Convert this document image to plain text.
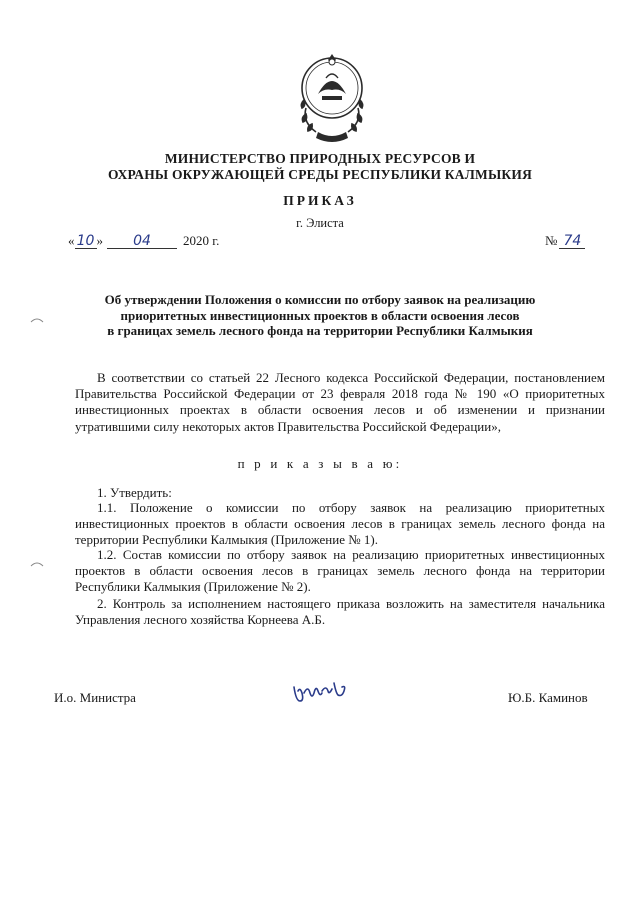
МИНИСТЕРСТВО ПРИРОДНЫХ РЕСУРСОВ И
ОХРАНЫ ОКРУЖАЮЩЕЙ СРЕДЫ РЕСПУБЛИКИ КАЛМЫКИЯ
ПРИКАЗ
г. Элиста
« 10 » 04 2020 г.	№ 74
Об утверждении Положения о комиссии по отбору заявок на реализацию
приоритетных инвестиционных проектов в области освоения лесов
в границах земель лесного фонда на территории Республики Калмыкия
В соответствии со статьей 22 Лесного кодекса Российской Федерации, постановлением Правительства Российской Федерации от 23 февраля 2018 года № 190 «О приоритетных инвестиционных проектах в области освоения лесов и об изменении и признании утратившими силу некоторых актов Правительства Российской Федерации»,
п р и к а з ы в а ю:
1. Утвердить:
1.1. Положение о комиссии по отбору заявок на реализацию приоритетных инвестиционных проектов в области освоения лесов в границах земель лесного фонда на территории Республики Калмыкия (Приложение № 1).
1.2. Состав комиссии по отбору заявок на реализацию приоритетных инвестиционных проектов в области освоения лесов в границах земель лесного фонда на территории Республики Калмыкия (Приложение № 2).
2. Контроль за исполнением настоящего приказа возложить на заместителя начальника Управления лесного хозяйства Корнеева А.Б.
И.о. Министра	Ю.Б. Каминов
